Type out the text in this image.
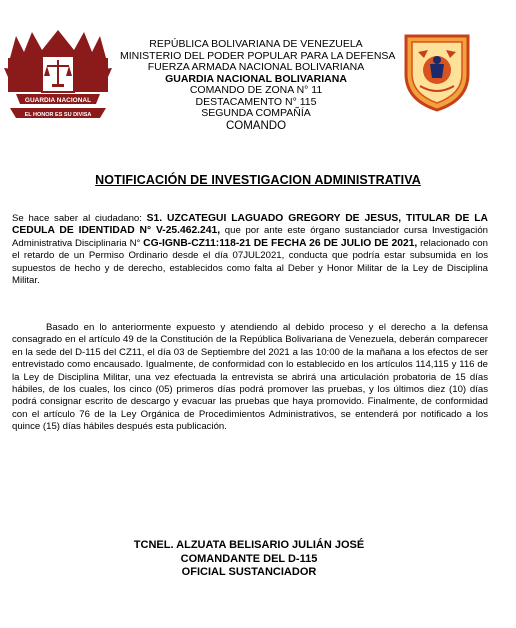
GUARDIA NACIONAL
EL HONOR ES SU DIVISA
REPÚBLICA BOLIVARIANA DE VENEZUELA
MINISTERIO DEL PODER POPULAR PARA LA DEFENSA
FUERZA ARMADA NACIONAL BOLIVARIANA
GUARDIA NACIONAL BOLIVARIANA
COMANDO DE ZONA N° 11
DESTACAMENTO N° 115
SEGUNDA COMPAÑÍA
COMANDO
NOTIFICACIÓN DE INVESTIGACION ADMINISTRATIVA
Se hace saber al ciudadano: S1. UZCATEGUI LAGUADO GREGORY DE JESUS, TITULAR DE LA CEDULA DE IDENTIDAD N° V-25.462.241, que por ante este órgano sustanciador cursa Investigación Administrativa Disciplinaria N° CG-IGNB-CZ11:118-21 DE FECHA 26 DE JULIO DE 2021, relacionado con el retardo de un Permiso Ordinario desde el día 07JUL2021, conducta que podría estar subsumida en los supuestos de hecho y de derecho, establecidos como falta al Deber y Honor Militar de la Ley de Disciplina Militar.
Basado en lo anteriormente expuesto y atendiendo al debido proceso y el derecho a la defensa consagrado en el artículo 49 de la Constitución de la República Bolivariana de Venezuela, deberán comparecer en la sede del D-115 del CZ11, el día 03 de Septiembre del 2021 a las 10:00 de la mañana a los efectos de ser entrevistado como encausado. Igualmente, de conformidad con lo establecido en los artículos 114,115 y 116 de la Ley de Disciplina Militar, una vez efectuada la entrevista se abrirá una articulación probatoria de 15 días hábiles, de los cuales, los cinco (05) primeros días podrá promover las pruebas, y los últimos diez (10) días podrá consignar escrito de descargo y evacuar las pruebas que haya promovido. Finalmente, de conformidad con el artículo 76 de la Ley Orgánica de Procedimientos Administrativos, se entenderá por notificado a los quince (15) días hábiles después esta publicación.
TCNEL. ALZUATA BELISARIO JULIÁN JOSÉ
COMANDANTE DEL D-115
OFICIAL SUSTANCIADOR
